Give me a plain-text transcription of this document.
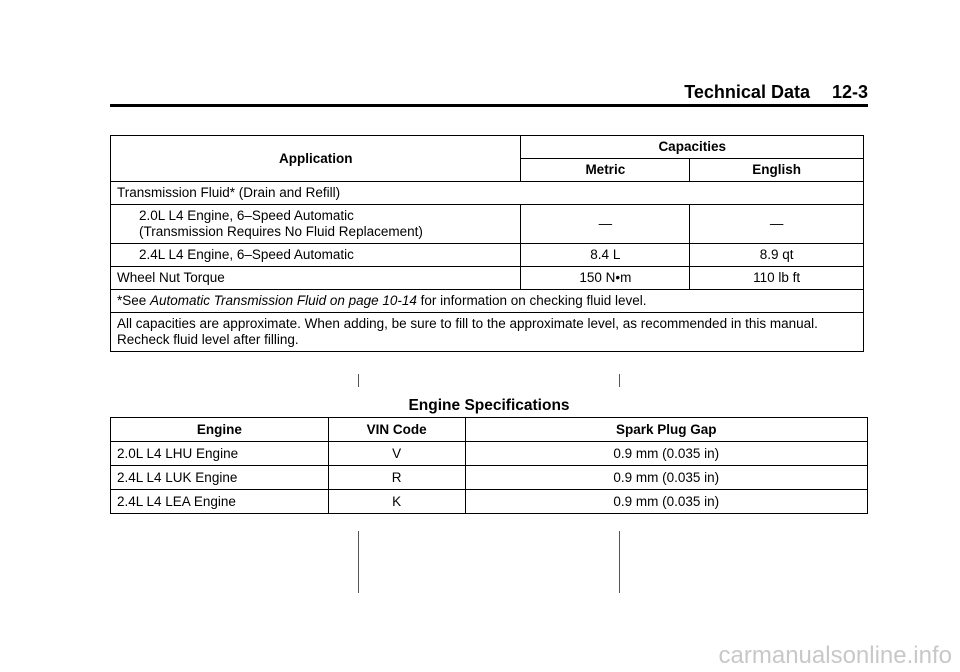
Technical Data 12-3
Application	Capacities	
	Metric	English
Transmission Fluid* (Drain and Refill)		
2.0L L4 Engine, 6–Speed Automatic
(Transmission Requires No Fluid Replacement)	—	—
2.4L L4 Engine, 6–Speed Automatic	8.4 L	8.9 qt
Wheel Nut Torque	150 N•m	110 lb ft
*See Automatic Transmission Fluid on page 10-14 for information on checking fluid level.		
All capacities are approximate. When adding, be sure to fill to the approximate level, as recommended in this manual. Recheck fluid level after filling.		
Engine Specifications
Engine	VIN Code	Spark Plug Gap
2.0L L4 LHU Engine	V	0.9 mm (0.035 in)
2.4L L4 LUK Engine	R	0.9 mm (0.035 in)
2.4L L4 LEA Engine	K	0.9 mm (0.035 in)
carmanualsonline.info
